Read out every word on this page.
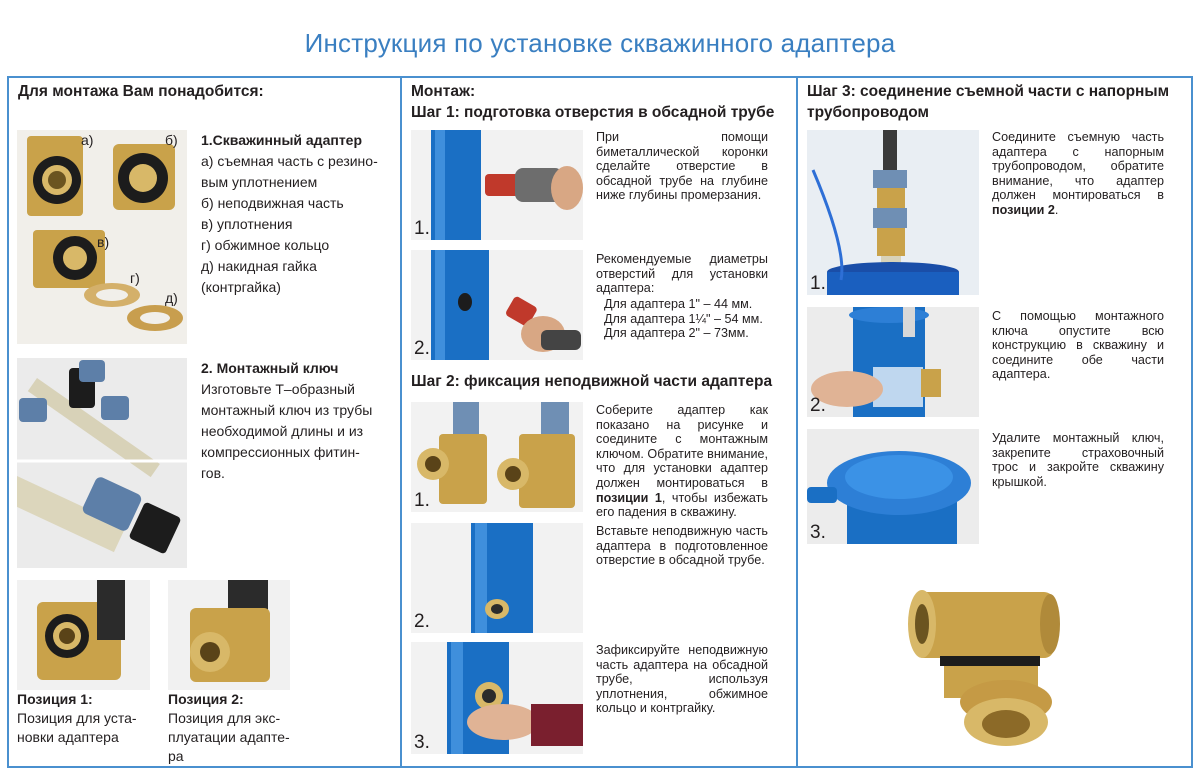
Инструкция по установке скважинного адаптера
Для монтажа Вам понадобится:
а)	б)
в)
г)
д)
1.Скважинный адаптер
а) съемная часть с резино-
вым уплотнением
б) неподвижная часть
в) уплотнения
г) обжимное кольцо
д) накидная гайка
(контргайка)
2. Монтажный ключ
Изготовьте Т–образный
монтажный ключ из трубы
необходимой длины и из
компрессионных фитин-
гов.
Позиция 1:
Позиция для уста-
новки адаптера
Позиция 2:
Позиция для экс-
плуатации адапте-
ра
Монтаж:
Шаг 1: подготовка отверстия в обсадной трубе
1.
При помощи биметаллической коронки сделайте отверстие в обсадной трубе на глубине ниже глубины промерзания.
2.
Рекомендуемые диаметры отверстий для установки адаптера:
Для адаптера 1" – 44 мм.
Для адаптера 1¼" – 54 мм.
Для адаптера 2" – 73мм.
Шаг 2: фиксация неподвижной части адаптера
1.
Соберите адаптер как показано на рисунке и соедините с монтажным ключом. Обратите внимание, что для установки адаптер должен монтироваться в позиции 1, чтобы избежать его падения в скважину.
2.
Вставьте неподвижную часть адаптера в подготовленное отверстие в обсадной трубе.
3.
Зафиксируйте неподвижную часть адаптера на обсадной трубе, используя уплотнения, обжимное кольцо и контргайку.
Шаг 3: соединение съемной части с напорным трубопроводом
1.
Соедините съемную часть адаптера с напорным трубопроводом, обратите внимание, что адаптер должен монтироваться в позиции 2.
2.
С помощью монтажного ключа опустите всю конструкцию в скважину и соедините обе части адаптера.
3.
Удалите монтажный ключ, закрепите страховочный трос и закройте скважину крышкой.
